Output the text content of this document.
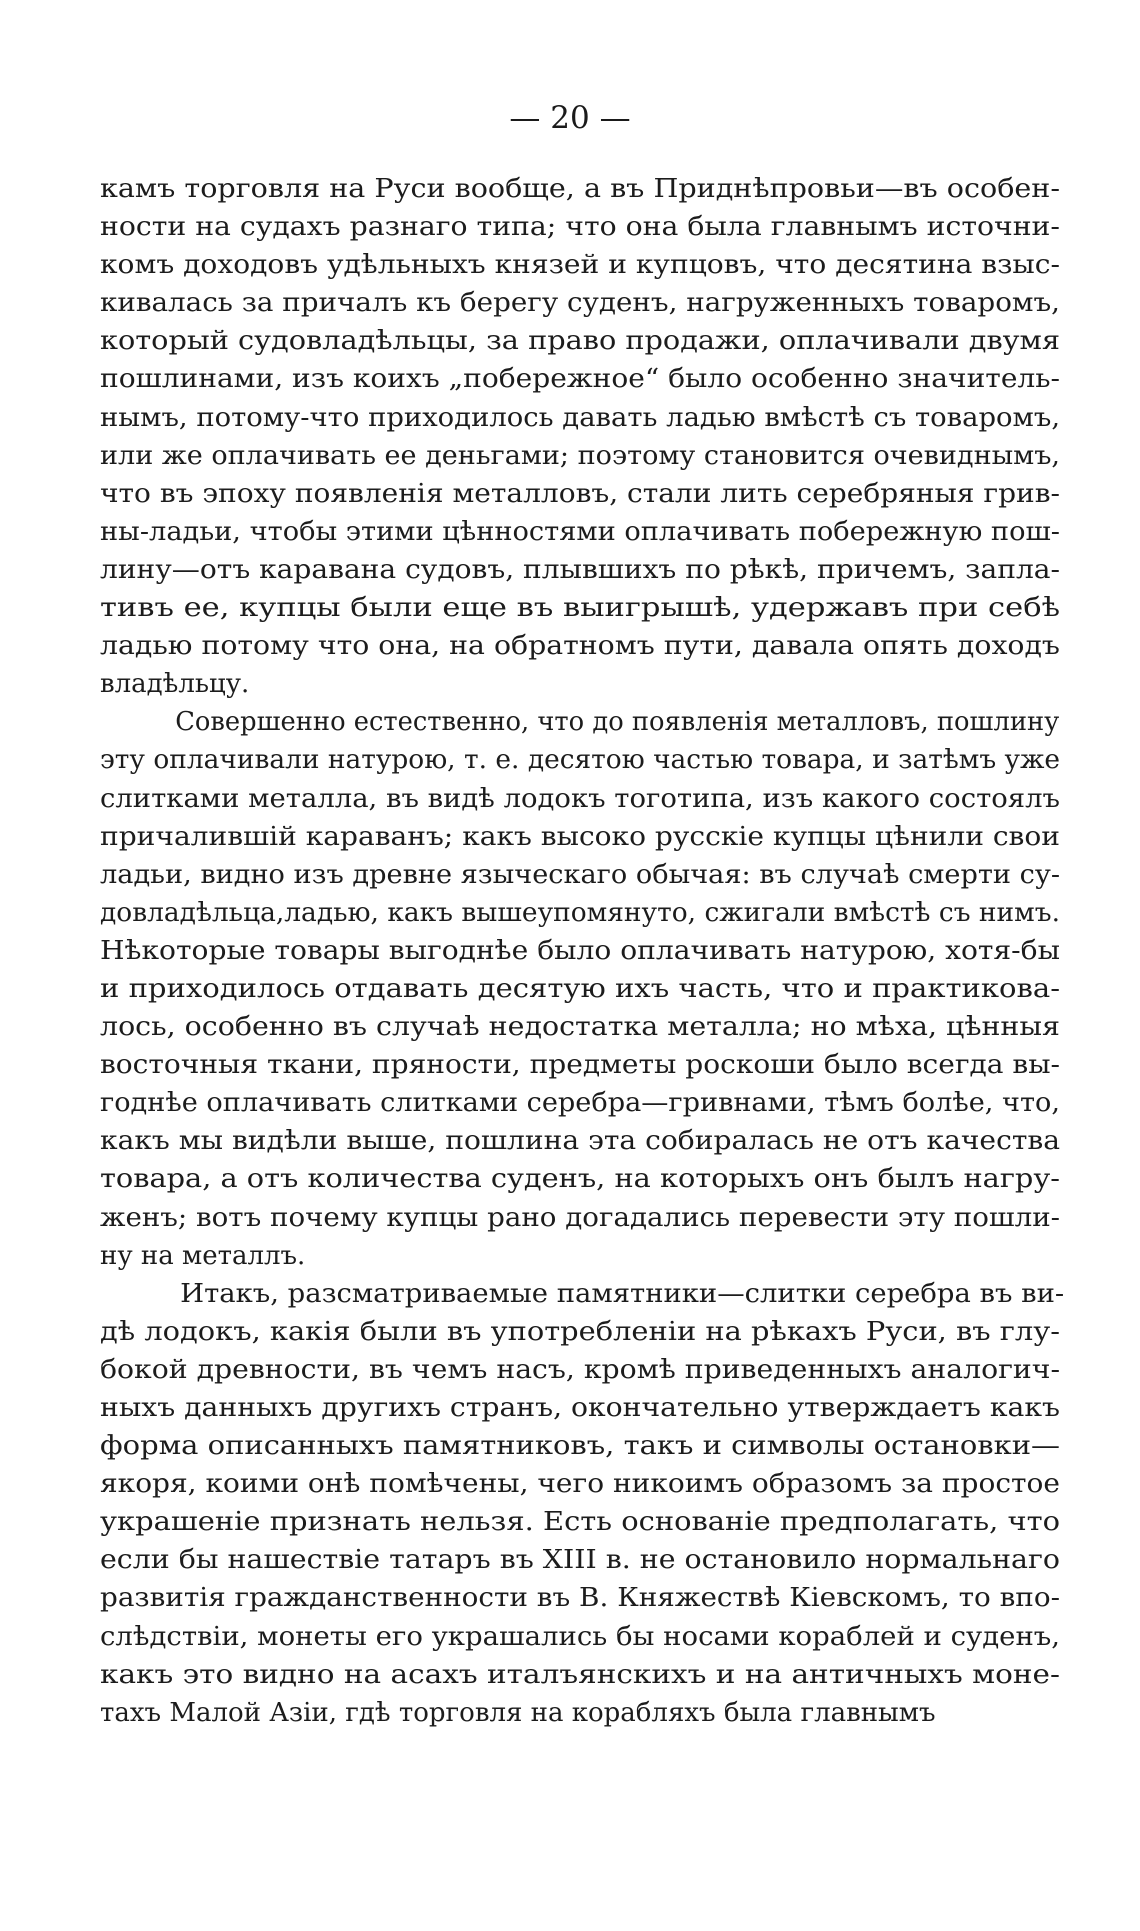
— 20 —
камъ торговля на Руси вообще, а въ Приднѣпровьи—въ особен-
ности на судахъ разнаго типа; что она была главнымъ источни-
комъ доходовъ удѣльныхъ князей и купцовъ, что десятина взыс-
кивалась за причалъ къ берегу суденъ, нагруженныхъ товаромъ,
который судовладѣльцы, за право продажи, оплачивали двумя
пошлинами, изъ коихъ „побережное“ было особенно значитель-
нымъ, потому-что приходилось давать ладью вмѣстѣ съ товаромъ,
или же оплачивать ее деньгами; поэтому становится очевиднымъ,
что въ эпоху появленія металловъ, стали лить серебряныя грив-
ны-ладьи, чтобы этими цѣнностями оплачивать побережную пош-
лину—отъ каравана судовъ, плывшихъ по рѣкѣ, причемъ, запла-
тивъ ее, купцы были еще въ выигрышѣ, удержавъ при себѣ
ладью потому что она, на обратномъ пути, давала опять доходъ
владѣльцу.
Совершенно естественно, что до появленія металловъ, пошлину
эту оплачивали натурою, т. е. десятою частью товара, и затѣмъ уже
слитками металла, въ видѣ лодокъ тоготипа, изъ какого состоялъ
причалившій караванъ; какъ высоко русскіе купцы цѣнили свои
ладьи, видно изъ древне языческаго обычая: въ случаѣ смерти су-
довладѣльца,ладью, какъ вышеупомянуто, сжигали вмѣстѣ съ нимъ.
Нѣкоторые товары выгоднѣе было оплачивать натурою, хотя-бы
и приходилось отдавать десятую ихъ часть, что и практикова-
лось, особенно въ случаѣ недостатка металла; но мѣха, цѣнныя
восточныя ткани, пряности, предметы роскоши было всегда вы-
годнѣе оплачивать слитками серебра—гривнами, тѣмъ болѣе, что,
какъ мы видѣли выше, пошлина эта собиралась не отъ качества
товара, а отъ количества суденъ, на которыхъ онъ былъ нагру-
женъ; вотъ почему купцы рано догадались перевести эту пошли-
ну на металлъ.
Итакъ, разсматриваемые памятники—слитки серебра въ ви-
дѣ лодокъ, какія были въ употребленіи на рѣкахъ Руси, въ глу-
бокой древности, въ чемъ насъ, кромѣ приведенныхъ аналогич-
ныхъ данныхъ другихъ странъ, окончательно утверждаетъ какъ
форма описанныхъ памятниковъ, такъ и символы остановки—
якоря, коими онѣ помѣчены, чего никоимъ образомъ за простое
украшеніе признать нельзя. Есть основаніе предполагать, что
если бы нашествіе татаръ въ XIII в. не остановило нормальнаго
развитія гражданственности въ В. Княжествѣ Кіевскомъ, то впо-
слѣдствіи, монеты его украшались бы носами кораблей и суденъ,
какъ это видно на асахъ италъянскихъ и на античныхъ моне-
тахъ Малой Азіи, гдѣ торговля на корабляхъ была главнымъ
